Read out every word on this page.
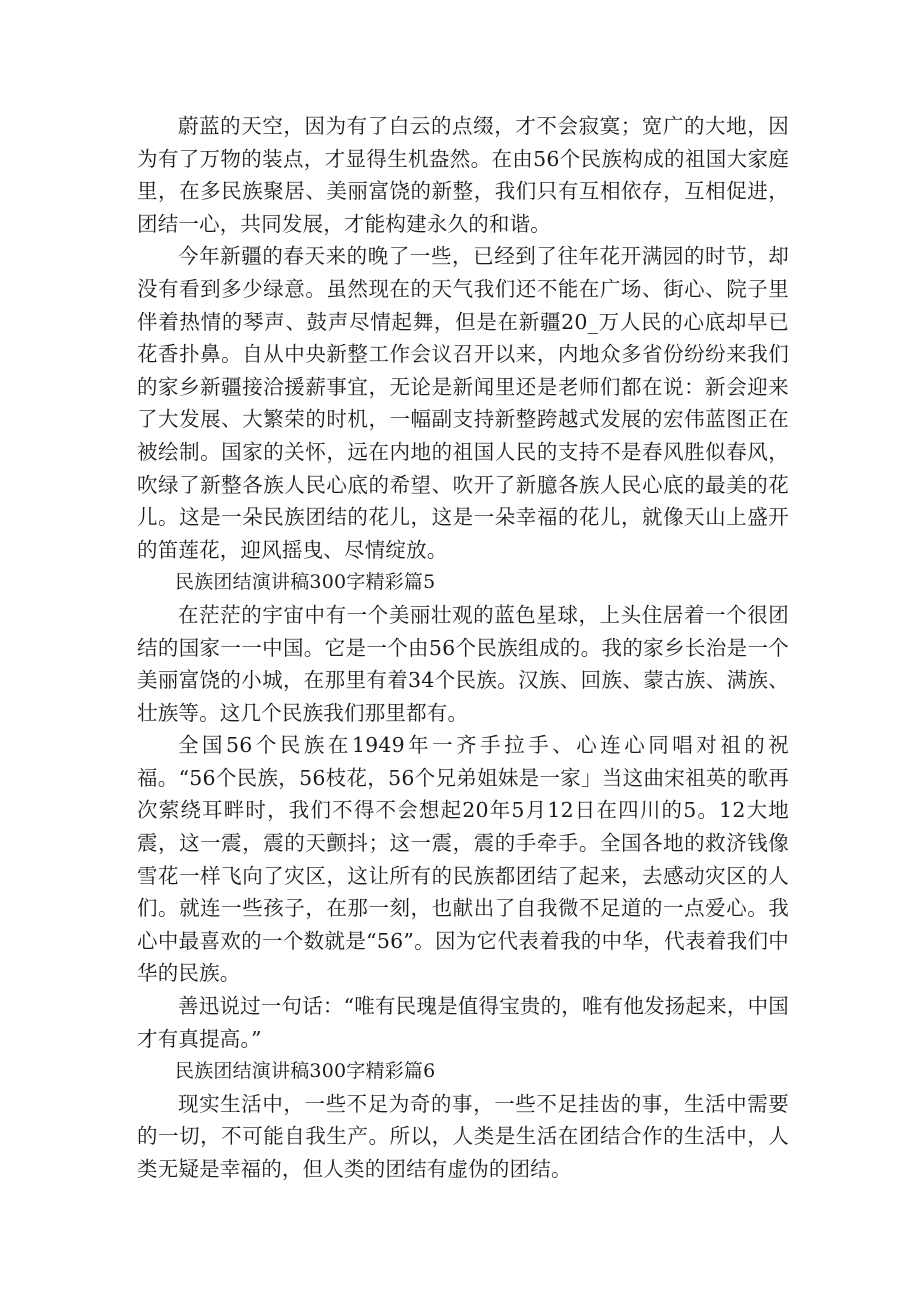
蔚蓝的天空，因为有了白云的点缀，才不会寂寞；宽广的大地，因为有了万物的装点，才显得生机盎然。在由56个民族构成的祖国大家庭里，在多民族聚居、美丽富饶的新整，我们只有互相依存，互相促进，团结一心，共同发展，才能构建永久的和谐。

今年新疆的春天来的晚了一些，已经到了往年花开满园的时节，却没有看到多少绿意。虽然现在的天气我们还不能在广场、街心、院子里伴着热情的琴声、鼓声尽情起舞，但是在新疆20_万人民的心底却早已花香扑鼻。自从中央新整工作会议召开以来，内地众多省份纷纷来我们的家乡新疆接洽援薪事宜，无论是新闻里还是老师们都在说：新会迎来了大发展、大繁荣的时机，一幅副支持新整跨越式发展的宏伟蓝图正在被绘制。国家的关怀，远在内地的祖国人民的支持不是春风胜似春风，吹绿了新整各族人民心底的希望、吹开了新臆各族人民心底的最美的花儿。这是一朵民族团结的花儿，这是一朵幸福的花儿，就像天山上盛开的笛莲花，迎风摇曳、尽情绽放。

民族团结演讲稿300字精彩篇5

在茫茫的宇宙中有一个美丽壮观的蓝色星球，上头住居着一个很团结的国家一一中国。它是一个由56个民族组成的。我的家乡长治是一个美丽富饶的小城，在那里有着34个民族。汉族、回族、蒙古族、满族、壮族等。这几个民族我们那里都有。

全国56个民族在1949年一齐手拉手、心连心同唱对祖的祝福。“56个民族，56枝花，56个兄弟姐妹是一家」当这曲宋祖英的歌再次萦绕耳畔时，我们不得不会想起20年5月12日在四川的5。12大地震，这一震，震的天颤抖；这一震，震的手牵手。全国各地的救济钱像雪花一样飞向了灾区，这让所有的民族都团结了起来，去感动灾区的人们。就连一些孩子，在那一刻，也献出了自我微不足道的一点爱心。我心中最喜欢的一个数就是“56”。因为它代表着我的中华，代表着我们中华的民族。

善迅说过一句话：“唯有民瑰是值得宝贵的，唯有他发扬起来，中国才有真提高。”

民族团结演讲稿300字精彩篇6

现实生活中，一些不足为奇的事，一些不足挂齿的事，生活中需要的一切，不可能自我生产。所以，人类是生活在团结合作的生活中，人类无疑是幸福的，但人类的团结有虚伪的团结。
